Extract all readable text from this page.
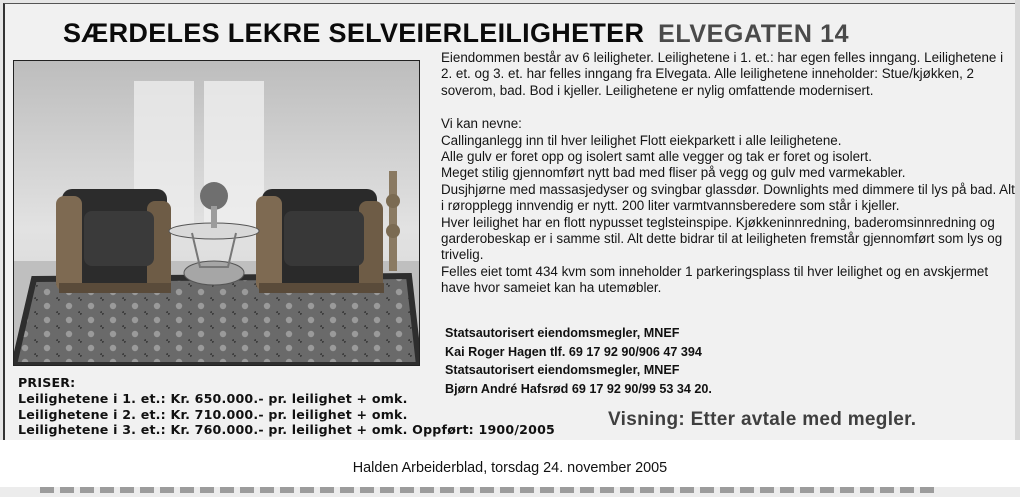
SÆRDELES LEKRE SELVEIERLEILIGHETER ELVEGATEN 14

Eiendommen består av 6 leiligheter. Leilighetene i 1. et.: har egen felles inngang. Leilighetene i 2. et. og 3. et. har felles inngang fra Elvegata. Alle leilighetene inneholder: Stue/kjøkken, 2 soverom, bad. Bod i kjeller. Leilighetene er nylig omfattende modernisert.

Vi kan nevne:

Callinganlegg inn til hver leilighet Flott eiekparkett i alle leilighetene.

Alle gulv er foret opp og isolert samt alle vegger og tak er foret og isolert.

Meget stilig gjennomført nytt bad med fliser på vegg og gulv med varmekabler.

Dusjhjørne med massasjedyser og svingbar glassdør. Downlights med dimmere til lys på bad. Alt i røropplegg innvendig er nytt. 200 liter varmtvannsberedere som står i kjeller.

Hver leilighet har en flott nypusset teglsteinspipe. Kjøkkeninnredning, baderomsinnredning og garderobeskap er i samme stil. Alt dette bidrar til at leiligheten fremstår gjennomført som lys og trivelig.

Felles eiet tomt 434 kvm som inneholder 1 parkeringsplass til hver leilighet og en avskjermet have hvor sameiet kan ha utemøbler.

Statsautorisert eiendomsmegler, MNEF
Kai Roger Hagen tlf. 69 17 92 90/906 47 394
Statsautorisert eiendomsmegler, MNEF
Bjørn André Hafsrød 69 17 92 90/99 53 34 20.
PRISER:
Leilighetene i 1. et.: Kr. 650.000.- pr. leilighet + omk.
Leilighetene i 2. et.: Kr. 710.000.- pr. leilighet + omk.
Leilighetene i 3. et.: Kr. 760.000.- pr. leilighet + omk. Oppført: 1900/2005	Visning: Etter avtale med megler.
Halden Arbeiderblad, torsdag 24. november 2005
